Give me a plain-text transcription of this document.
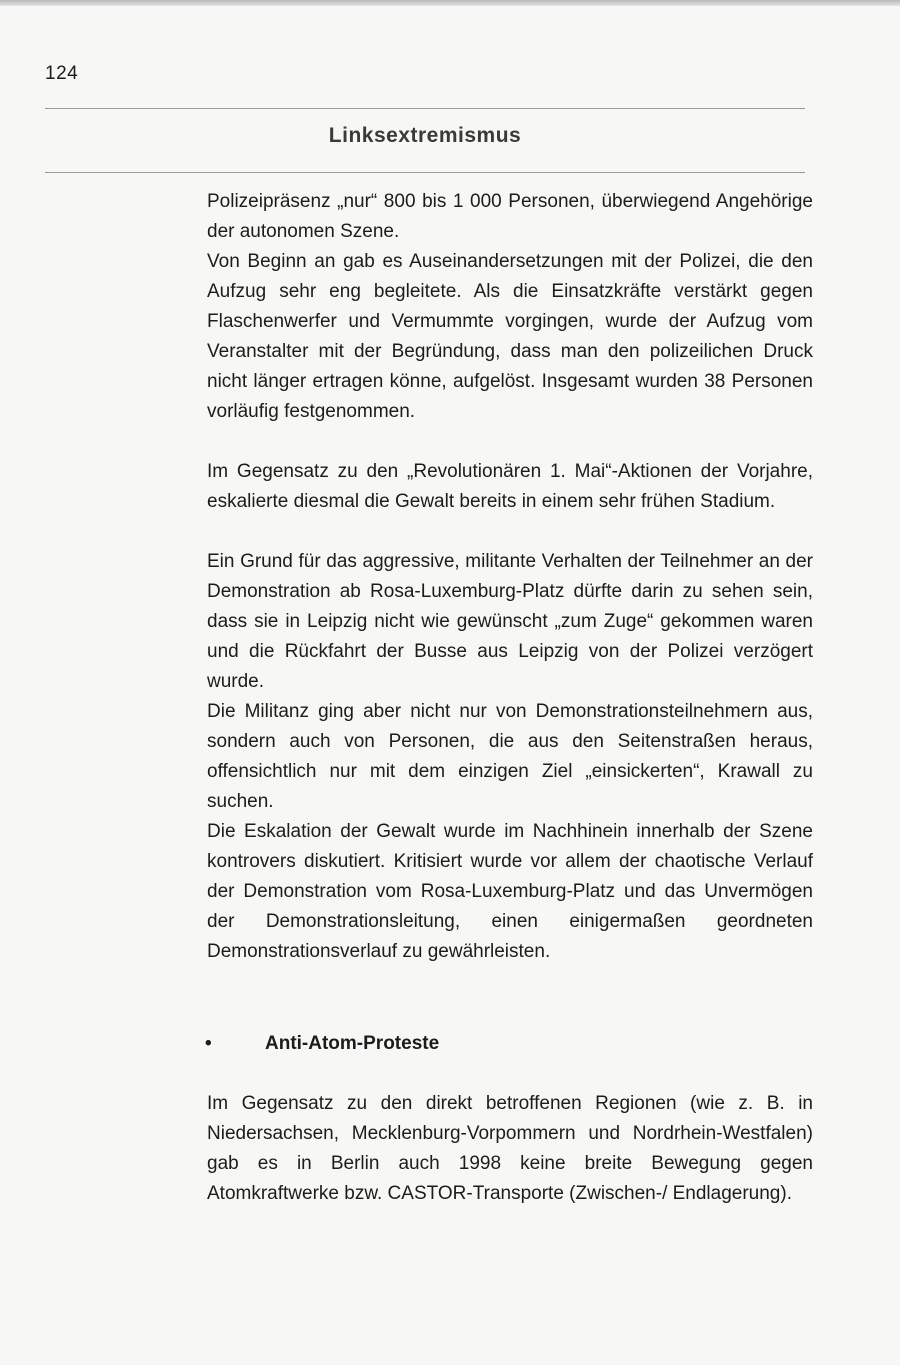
124
Linksextremismus

Polizeipräsenz „nur“ 800 bis 1 000 Personen, überwiegend Angehörige der autonomen Szene.

Von Beginn an gab es Auseinandersetzungen mit der Polizei, die den Aufzug sehr eng begleitete. Als die Einsatzkräfte verstärkt gegen Flaschenwerfer und Vermummte vorgingen, wurde der Aufzug vom Veranstalter mit der Begründung, dass man den polizeilichen Druck nicht länger ertragen könne, aufgelöst. Insgesamt wurden 38 Personen vorläufig festgenommen.

Im Gegensatz zu den „Revolutionären 1. Mai“-Aktionen der Vorjahre, eskalierte diesmal die Gewalt bereits in einem sehr frühen Stadium.

Ein Grund für das aggressive, militante Verhalten der Teilnehmer an der Demonstration ab Rosa-Luxemburg-Platz dürfte darin zu sehen sein, dass sie in Leipzig nicht wie gewünscht „zum Zuge“ gekommen waren und die Rückfahrt der Busse aus Leipzig von der Polizei verzögert wurde.

Die Militanz ging aber nicht nur von Demonstrationsteilnehmern aus, sondern auch von Personen, die aus den Seitenstraßen heraus, offensichtlich nur mit dem einzigen Ziel „einsickerten“, Krawall zu suchen.

Die Eskalation der Gewalt wurde im Nachhinein innerhalb der Szene kontrovers diskutiert. Kritisiert wurde vor allem der chaotische Verlauf der Demonstration vom Rosa-Luxemburg-Platz und das Unvermögen der Demonstrationsleitung, einen einigermaßen geordneten Demonstrationsverlauf zu gewährleisten.

•	Anti-Atom-Proteste

Im Gegensatz zu den direkt betroffenen Regionen (wie z. B. in Niedersachsen, Mecklenburg-Vorpommern und Nordrhein-Westfalen) gab es in Berlin auch 1998 keine breite Bewegung gegen Atomkraftwerke bzw. CASTOR-Transporte (Zwischen-/ Endlagerung).
